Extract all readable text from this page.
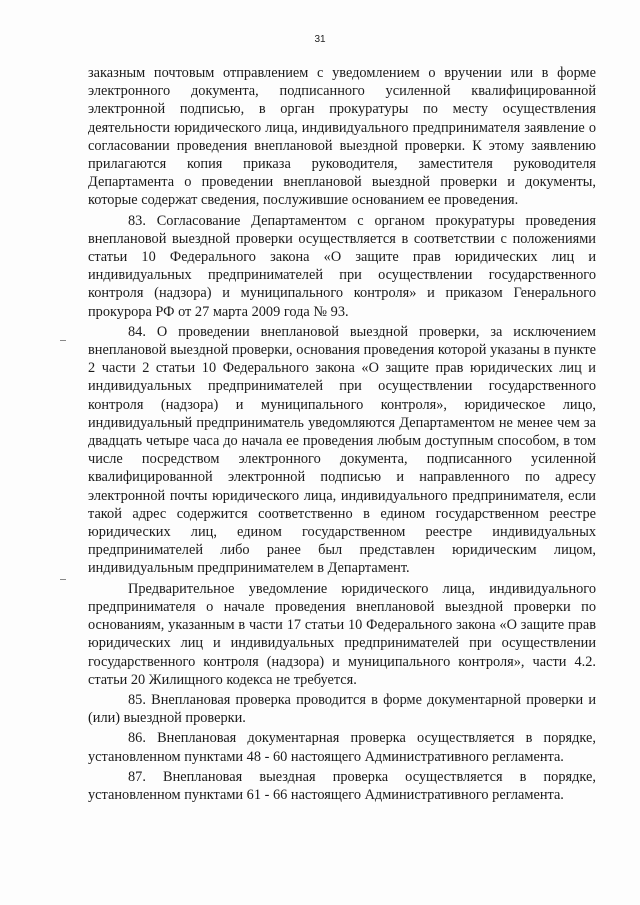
31

заказным почтовым отправлением с уведомлением о вручении или в форме электронного документа, подписанного усиленной квалифицированной электронной подписью, в орган прокуратуры по месту осуществления деятельности юридического лица, индивидуального предпринимателя заявление о согласовании проведения внеплановой выездной проверки. К этому заявлению прилагаются копия приказа руководителя, заместителя руководителя Департамента о проведении внеплановой выездной проверки и документы, которые содержат сведения, послужившие основанием ее проведения.

83. Согласование Департаментом с органом прокуратуры проведения внеплановой выездной проверки осуществляется в соответствии с положениями статьи 10 Федерального закона «О защите прав юридических лиц и индивидуальных предпринимателей при осуществлении государственного контроля (надзора) и муниципального контроля» и приказом Генерального прокурора РФ от 27 марта 2009 года № 93.

84. О проведении внеплановой выездной проверки, за исключением внеплановой выездной проверки, основания проведения которой указаны в пункте 2 части 2 статьи 10 Федерального закона «О защите прав юридических лиц и индивидуальных предпринимателей при осуществлении государственного контроля (надзора) и муниципального контроля», юридическое лицо, индивидуальный предприниматель уведомляются Департаментом не менее чем за двадцать четыре часа до начала ее проведения любым доступным способом, в том числе посредством электронного документа, подписанного усиленной квалифицированной электронной подписью и направленного по адресу электронной почты юридического лица, индивидуального предпринимателя, если такой адрес содержится соответственно в едином государственном реестре юридических лиц, едином государственном реестре индивидуальных предпринимателей либо ранее был представлен юридическим лицом, индивидуальным предпринимателем в Департамент.

Предварительное уведомление юридического лица, индивидуального предпринимателя о начале проведения внеплановой выездной проверки по основаниям, указанным в части 17 статьи 10 Федерального закона «О защите прав юридических лиц и индивидуальных предпринимателей при осуществлении государственного контроля (надзора) и муниципального контроля», части 4.2. статьи 20 Жилищного кодекса не требуется.

85. Внеплановая проверка проводится в форме документарной проверки и (или) выездной проверки.

86. Внеплановая документарная проверка осуществляется в порядке, установленном пунктами 48 - 60 настоящего Административного регламента.

87. Внеплановая выездная проверка осуществляется в порядке, установленном пунктами 61 - 66 настоящего Административного регламента.
